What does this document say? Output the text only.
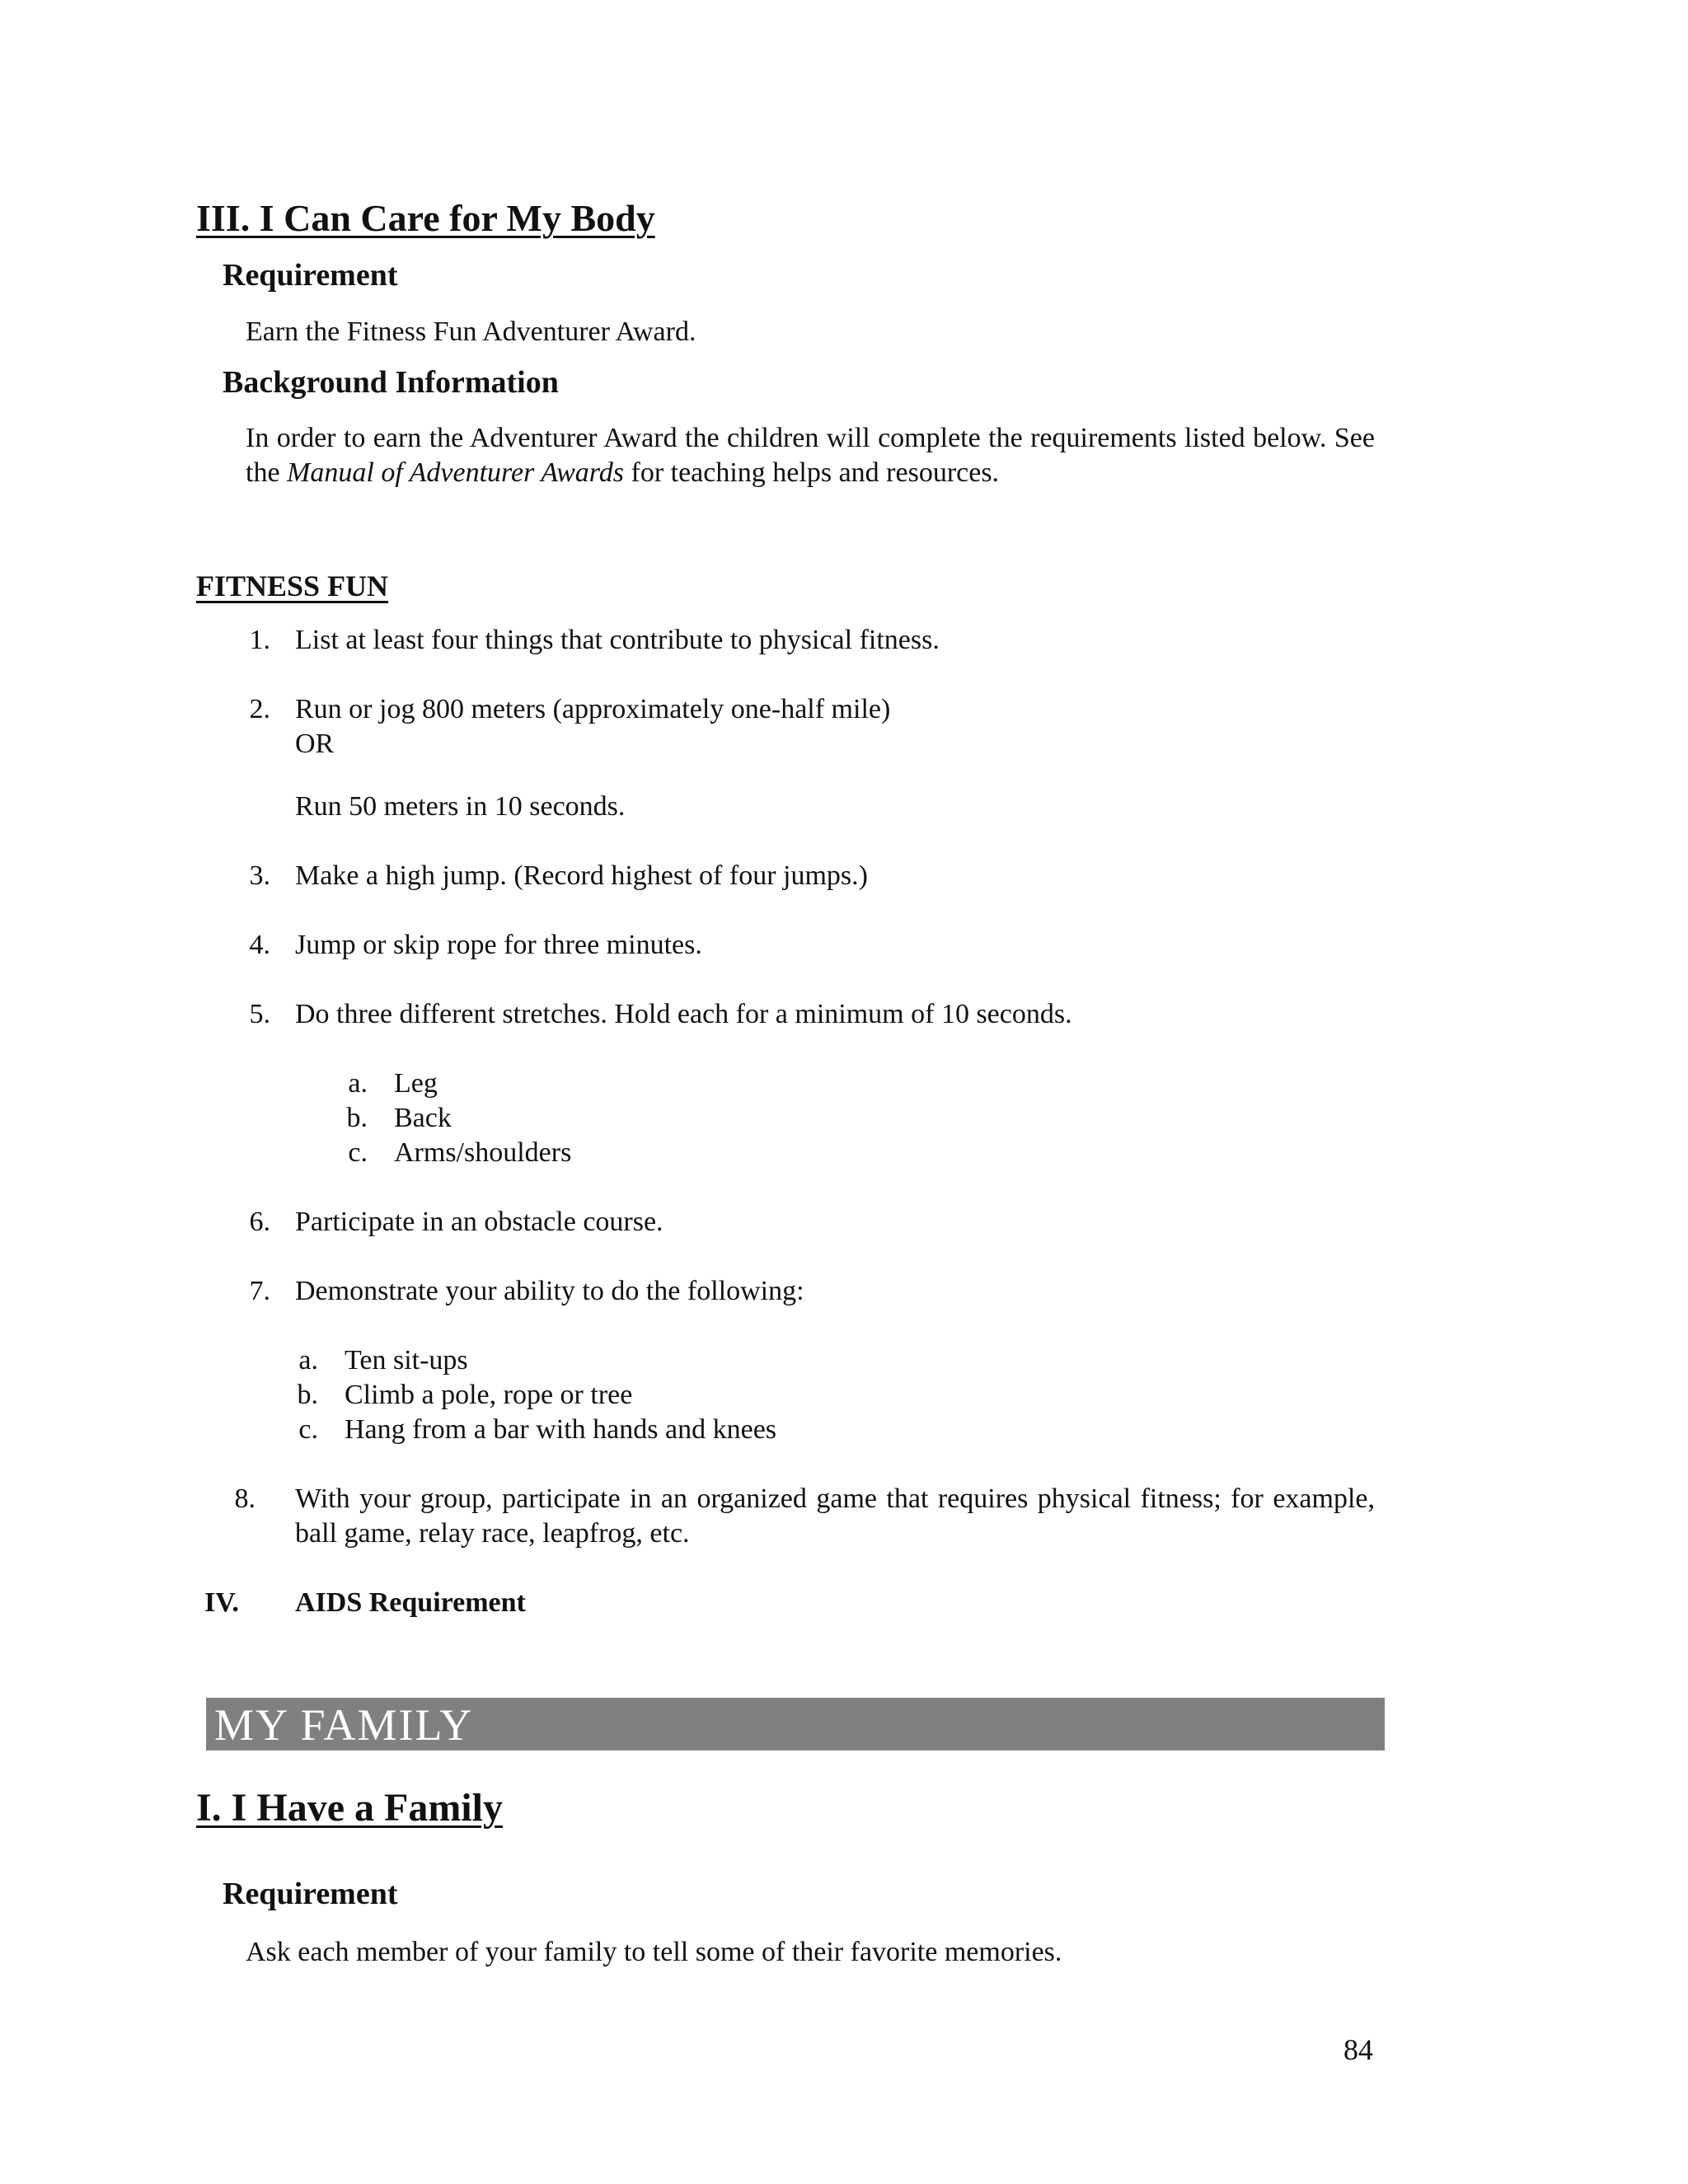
III. I Can Care for My Body
Requirement
Earn the Fitness Fun Adventurer Award.
Background Information
In order to earn the Adventurer Award the children will complete the requirements listed below. See the Manual of Adventurer Awards for teaching helps and resources.
FITNESS FUN
1. List at least four things that contribute to physical fitness.
2. Run or jog 800 meters (approximately one-half mile)
OR
Run 50 meters in 10 seconds.
3. Make a high jump. (Record highest of four jumps.)
4. Jump or skip rope for three minutes.
5. Do three different stretches. Hold each for a minimum of 10 seconds.
a. Leg
b. Back
c. Arms/shoulders
6. Participate in an obstacle course.
7. Demonstrate your ability to do the following:
a. Ten sit-ups
b. Climb a pole, rope or tree
c. Hang from a bar with hands and knees
8. With your group, participate in an organized game that requires physical fitness; for example, ball game, relay race, leapfrog, etc.
IV. AIDS Requirement
MY FAMILY
I. I Have a Family
Requirement
Ask each member of your family to tell some of their favorite memories.
84
